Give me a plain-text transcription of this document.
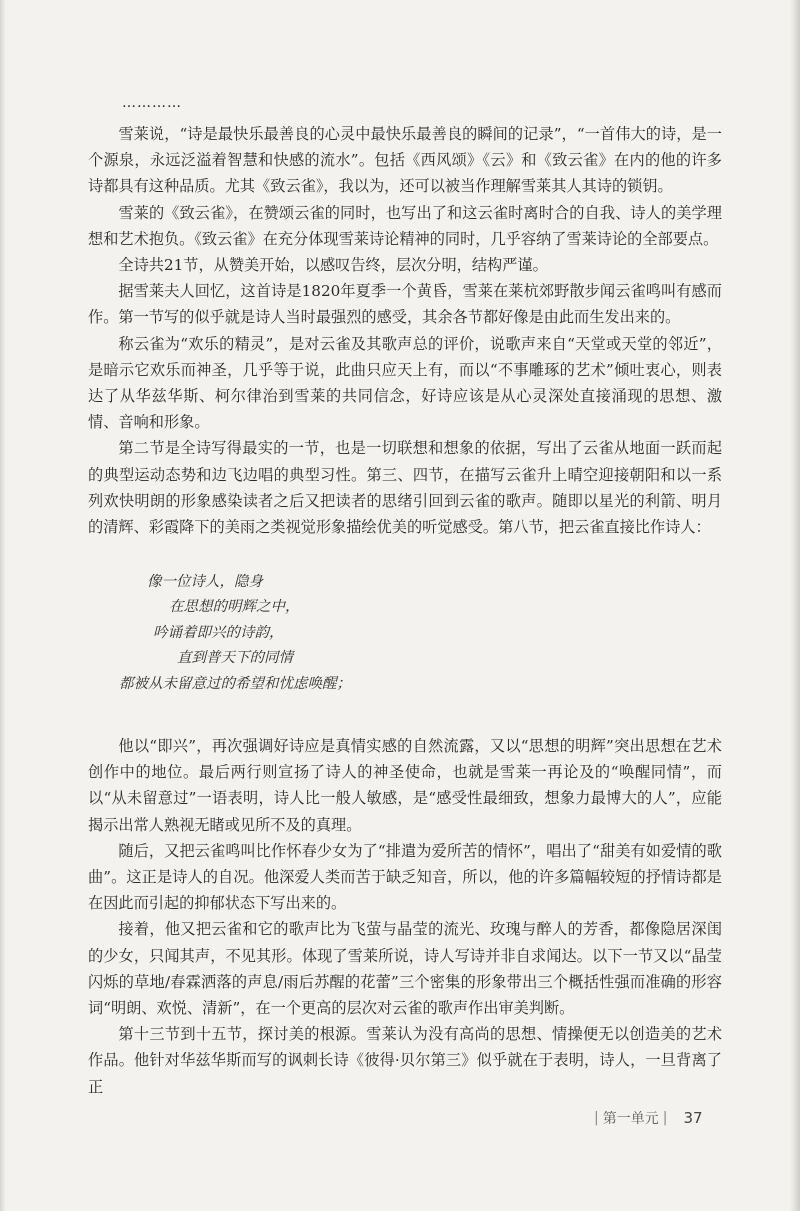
…………

雪莱说，“诗是最快乐最善良的心灵中最快乐最善良的瞬间的记录”，“一首伟大的诗，是一个源泉，永远泛溢着智慧和快感的流水”。包括《西风颂》《云》和《致云雀》在内的他的许多诗都具有这种品质。尤其《致云雀》，我以为，还可以被当作理解雪莱其人其诗的锁钥。

雪莱的《致云雀》，在赞颂云雀的同时，也写出了和这云雀时离时合的自我、诗人的美学理想和艺术抱负。《致云雀》在充分体现雪莱诗论精神的同时，几乎容纳了雪莱诗论的全部要点。

全诗共21节，从赞美开始，以感叹告终，层次分明，结构严谨。

据雪莱夫人回忆，这首诗是1820年夏季一个黄昏，雪莱在莱杭郊野散步闻云雀鸣叫有感而作。第一节写的似乎就是诗人当时最强烈的感受，其余各节都好像是由此而生发出来的。

称云雀为“欢乐的精灵”，是对云雀及其歌声总的评价，说歌声来自“天堂或天堂的邻近”，是暗示它欢乐而神圣，几乎等于说，此曲只应天上有，而以“不事雕琢的艺术”倾吐衷心，则表达了从华兹华斯、柯尔律治到雪莱的共同信念，好诗应该是从心灵深处直接涌现的思想、激情、音响和形象。

第二节是全诗写得最实的一节，也是一切联想和想象的依据，写出了云雀从地面一跃而起的典型运动态势和边飞边唱的典型习性。第三、四节，在描写云雀升上晴空迎接朝阳和以一系列欢快明朗的形象感染读者之后又把读者的思绪引回到云雀的歌声。随即以星光的利箭、明月的清辉、彩霞降下的美雨之类视觉形象描绘优美的听觉感受。第八节，把云雀直接比作诗人：

像一位诗人，隐身
在思想的明辉之中，
吟诵着即兴的诗韵，
直到普天下的同情
都被从未留意过的希望和忧虑唤醒；

他以“即兴”，再次强调好诗应是真情实感的自然流露，又以“思想的明辉”突出思想在艺术创作中的地位。最后两行则宣扬了诗人的神圣使命，也就是雪莱一再论及的“唤醒同情”，而以“从未留意过”一语表明，诗人比一般人敏感，是“感受性最细致，想象力最博大的人”，应能揭示出常人熟视无睹或见所不及的真理。

随后，又把云雀鸣叫比作怀春少女为了“排遣为爱所苦的情怀”，唱出了“甜美有如爱情的歌曲”。这正是诗人的自况。他深爱人类而苦于缺乏知音，所以，他的许多篇幅较短的抒情诗都是在因此而引起的抑郁状态下写出来的。

接着，他又把云雀和它的歌声比为飞萤与晶莹的流光、玫瑰与醉人的芳香，都像隐居深闺的少女，只闻其声，不见其形。体现了雪莱所说，诗人写诗并非自求闻达。以下一节又以“晶莹闪烁的草地/春霖洒落的声息/雨后苏醒的花蕾”三个密集的形象带出三个概括性强而准确的形容词“明朗、欢悦、清新”，在一个更高的层次对云雀的歌声作出审美判断。

第十三节到十五节，探讨美的根源。雪莱认为没有高尚的思想、情操便无以创造美的艺术作品。他针对华兹华斯而写的讽刺长诗《彼得·贝尔第三》似乎就在于表明，诗人，一旦背离了正

| 第一单元 | 37
